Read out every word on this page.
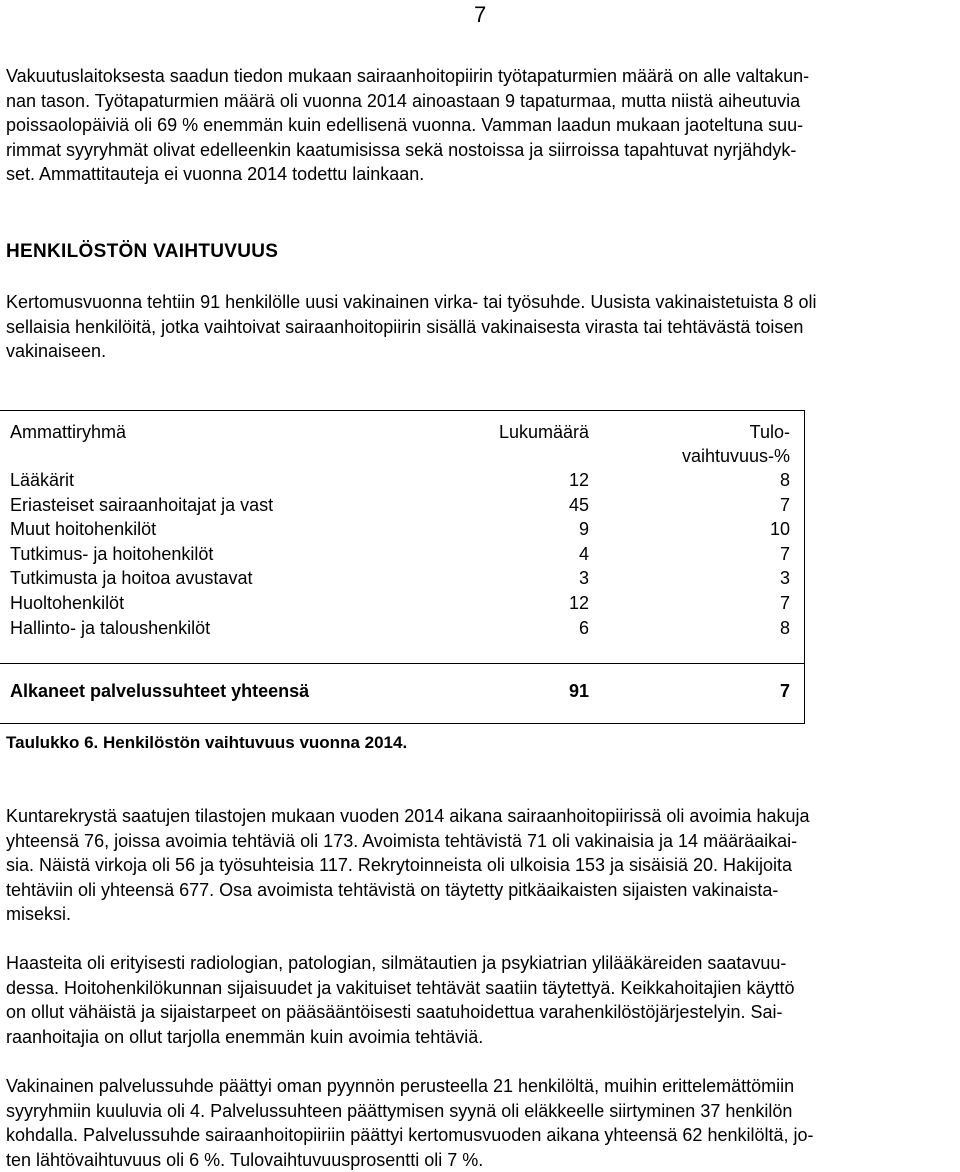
7

Vakuutuslaitoksesta saadun tiedon mukaan sairaanhoitopiirin työtapaturmien määrä on alle valtakun-
nan tason. Työtapaturmien määrä oli vuonna 2014 ainoastaan 9 tapaturmaa, mutta niistä aiheutuvia
poissaolopäiviä oli 69 % enemmän kuin edellisenä vuonna. Vamman laadun mukaan jaoteltuna suu-
rimmat syyryhmät olivat edelleenkin kaatumisissa sekä nostoissa ja siirroissa tapahtuvat nyrjähdyk-
set. Ammattitauteja ei vuonna 2014 todettu lainkaan.

HENKILÖSTÖN VAIHTUVUUS

Kertomusvuonna tehtiin 91 henkilölle uusi vakinainen virka- tai työsuhde. Uusista vakinaistetuista 8 oli
sellaisia henkilöitä, jotka vaihtoivat sairaanhoitopiirin sisällä vakinaisesta virasta tai tehtävästä toisen
vakinaiseen.

Ammattiryhmä	Lukumäärä	Tulo-
vaihtuvuus-%
Lääkärit	12	8
Eriasteiset sairaanhoitajat ja vast	45	7
Muut hoitohenkilöt	9	10
Tutkimus- ja hoitohenkilöt	4	7
Tutkimusta ja hoitoa avustavat	3	3
Huoltohenkilöt	12	7
Hallinto- ja taloushenkilöt	6	8
Alkaneet palvelussuhteet yhteensä	91	7

Taulukko 6. Henkilöstön vaihtuvuus vuonna 2014.

Kuntarekrystä saatujen tilastojen mukaan vuoden 2014 aikana sairaanhoitopiirissä oli avoimia hakuja
yhteensä 76, joissa avoimia tehtäviä oli 173. Avoimista tehtävistä 71 oli vakinaisia ja 14 määräaikai-
sia. Näistä virkoja oli 56 ja työsuhteisia 117. Rekrytoinneista oli ulkoisia 153 ja sisäisiä 20. Hakijoita
tehtäviin oli yhteensä 677. Osa avoimista tehtävistä on täytetty pitkäaikaisten sijaisten vakinaista-
miseksi.

Haasteita oli erityisesti radiologian, patologian, silmätautien ja psykiatrian ylilääkäreiden saatavuu-
dessa. Hoitohenkilökunnan sijaisuudet ja vakituiset tehtävät saatiin täytettyä. Keikkahoitajien käyttö
on ollut vähäistä ja sijaistarpeet on pääsääntöisesti saatuhoidettua varahenkilöstöjärjestelyin. Sai-
raanhoitajia on ollut tarjolla enemmän kuin avoimia tehtäviä.

Vakinainen palvelussuhde päättyi oman pyynnön perusteella 21 henkilöltä, muihin erittelemättömiin
syyryhmiin kuuluvia oli 4. Palvelussuhteen päättymisen syynä oli eläkkeelle siirtyminen 37 henkilön
kohdalla. Palvelussuhde sairaanhoitopiiriin päättyi kertomusvuoden aikana yhteensä 62 henkilöltä, jo-
ten lähtövaihtuvuus oli 6 %. Tulovaihtuvuusprosentti oli 7 %.
